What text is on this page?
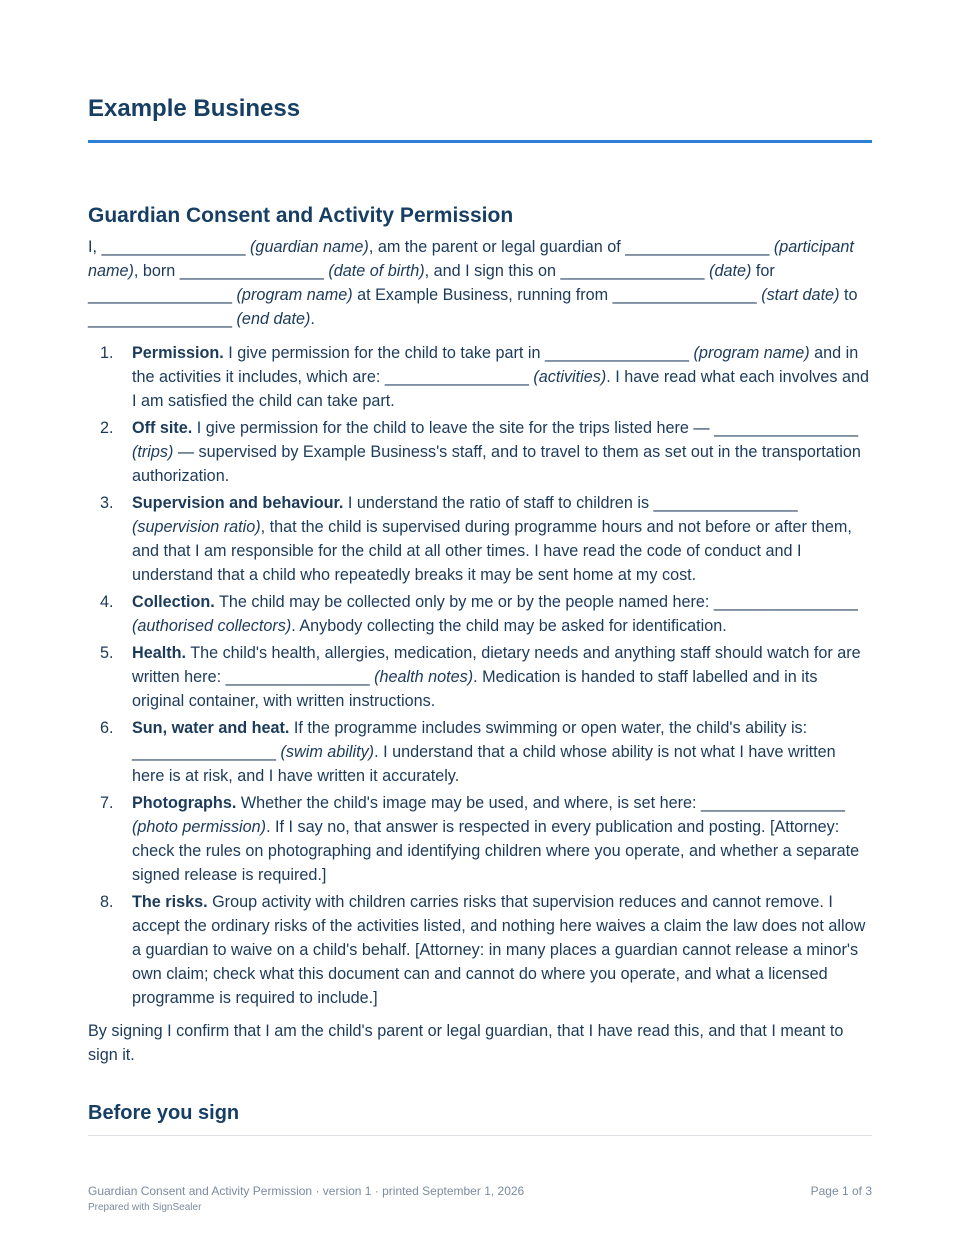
Example Business
Guardian Consent and Activity Permission

I, ________________ (guardian name), am the parent or legal guardian of ________________ (participant name), born ________________ (date of birth), and I sign this on ________________ (date) for ________________ (program name) at Example Business, running from ________________ (start date) to ________________ (end date).

1. Permission. I give permission for the child to take part in ________________ (program name) and in the activities it includes, which are: ________________ (activities). I have read what each involves and I am satisfied the child can take part.
2. Off site. I give permission for the child to leave the site for the trips listed here — ________________ (trips) — supervised by Example Business's staff, and to travel to them as set out in the transportation authorization.
3. Supervision and behaviour. I understand the ratio of staff to children is ________________ (supervision ratio), that the child is supervised during programme hours and not before or after them, and that I am responsible for the child at all other times. I have read the code of conduct and I understand that a child who repeatedly breaks it may be sent home at my cost.
4. Collection. The child may be collected only by me or by the people named here: ________________ (authorised collectors). Anybody collecting the child may be asked for identification.
5. Health. The child's health, allergies, medication, dietary needs and anything staff should watch for are written here: ________________ (health notes). Medication is handed to staff labelled and in its original container, with written instructions.
6. Sun, water and heat. If the programme includes swimming or open water, the child's ability is: ________________ (swim ability). I understand that a child whose ability is not what I have written here is at risk, and I have written it accurately.
7. Photographs. Whether the child's image may be used, and where, is set here: ________________ (photo permission). If I say no, that answer is respected in every publication and posting. [Attorney: check the rules on photographing and identifying children where you operate, and whether a separate signed release is required.]
8. The risks. Group activity with children carries risks that supervision reduces and cannot remove. I accept the ordinary risks of the activities listed, and nothing here waives a claim the law does not allow a guardian to waive on a child's behalf. [Attorney: in many places a guardian cannot release a minor's own claim; check what this document can and cannot do where you operate, and what a licensed programme is required to include.]

By signing I confirm that I am the child's parent or legal guardian, that I have read this, and that I meant to sign it.

Before you sign
Guardian Consent and Activity Permission · version 1 · printed September 1, 2026
Prepared with SignSealer
Page 1 of 3
